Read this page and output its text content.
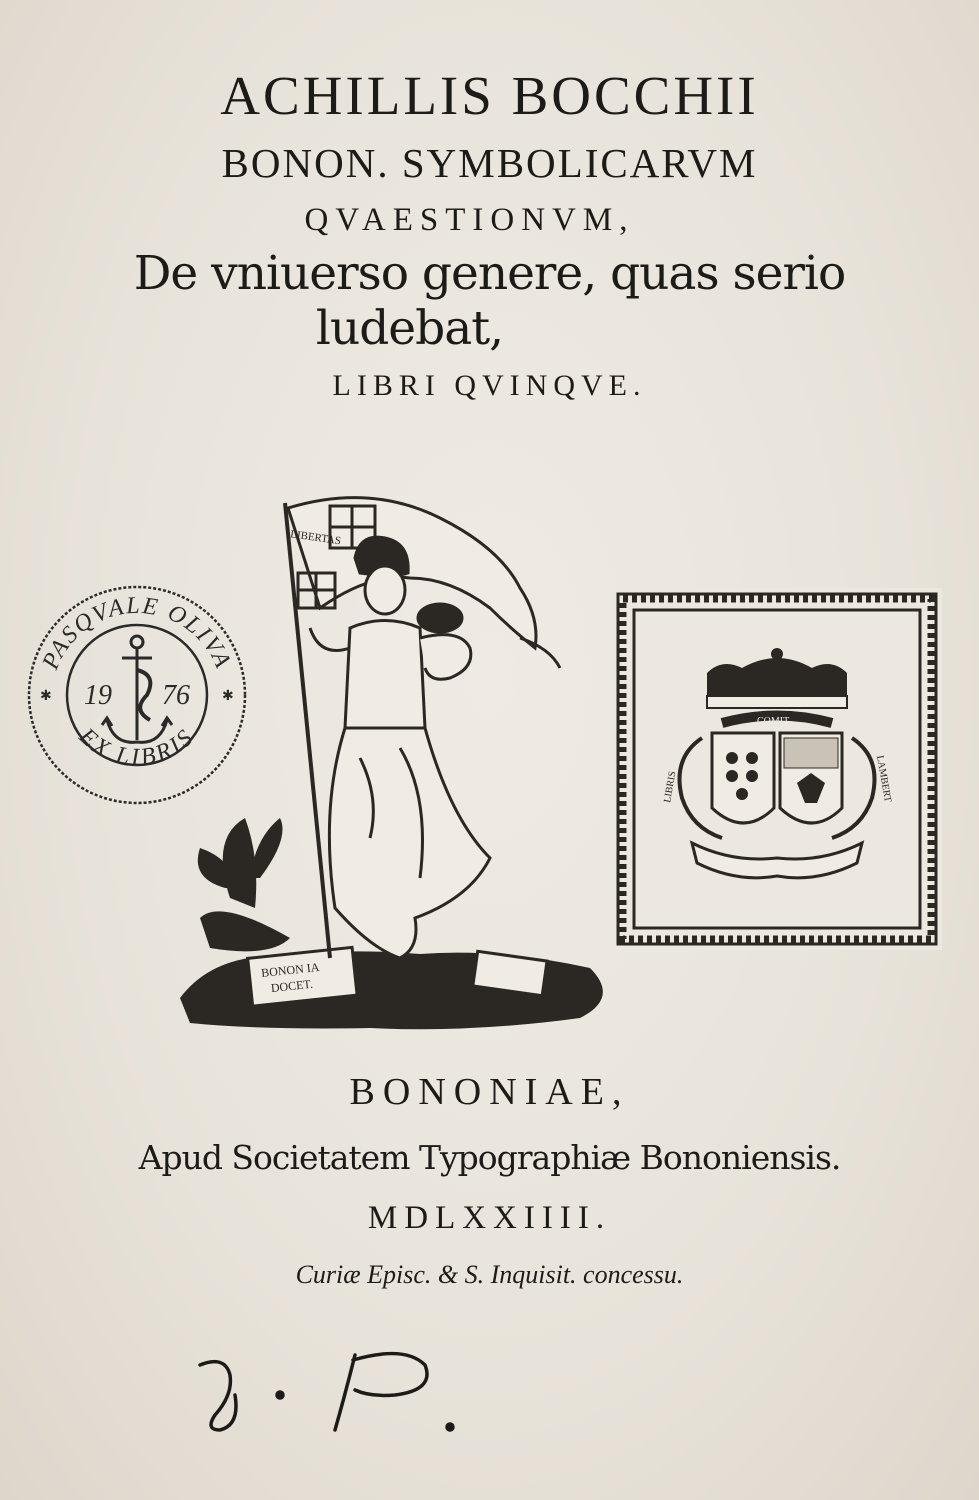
ACHILLIS BOCCHII
BONON. SYMBOLICARVM
QVAESTIONVM,
De vniuerso genere, quas serio
ludebat,
LIBRI QVINQVE.
PASQVALE OLIVA
EX LIBRIS
✱	✱
19 76
BONON IA
DOCET.
LIBERTAS
COMIT
LIBRIS	LAMBERT
BONONIAE,
Apud Societatem Typographiæ Bononiensis.
MDLXXIIII.
Curiæ Episc. & S. Inquisit. concessu.
